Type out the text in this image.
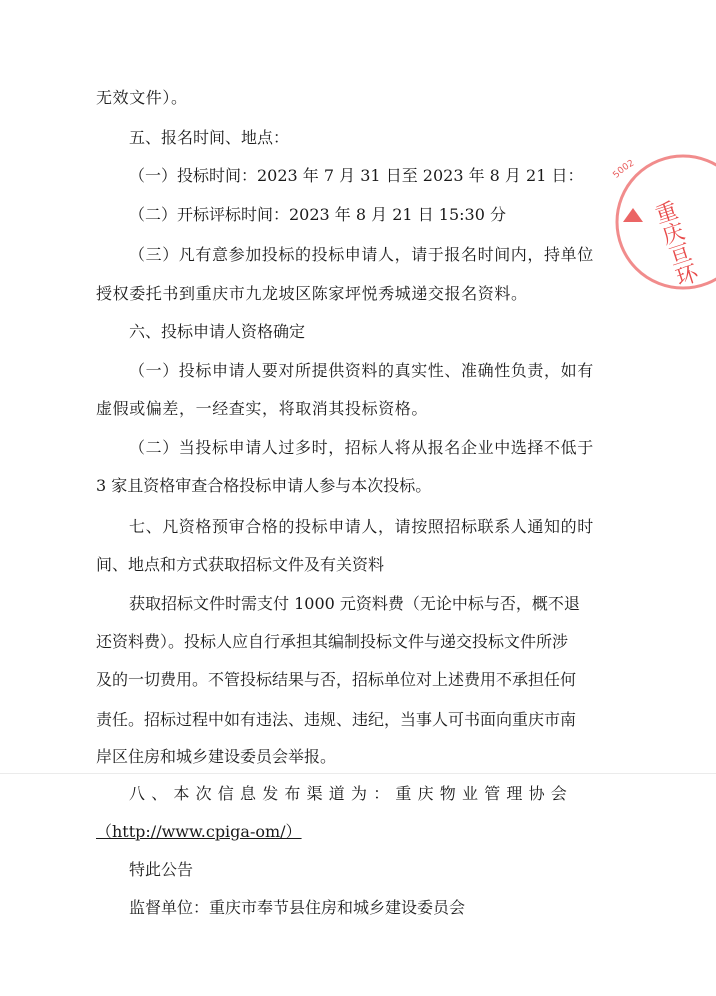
无效文件）。
五、报名时间、地点：
（一）投标时间：2023 年 7 月 31 日至 2023 年 8 月 21 日：
（二）开标评标时间：2023 年 8 月 21 日 15:30 分
（三）凡有意参加投标的投标申请人，请于报名时间内，持单位
授权委托书到重庆市九龙坡区陈家坪悦秀城递交报名资料。
六、投标申请人资格确定
（一）投标申请人要对所提供资料的真实性、准确性负责，如有
虚假或偏差，一经查实，将取消其投标资格。
（二）当投标申请人过多时，招标人将从报名企业中选择不低于
3 家且资格审查合格投标申请人参与本次投标。
七、凡资格预审合格的投标申请人，请按照招标联系人通知的时
间、地点和方式获取招标文件及有关资料
获取招标文件时需支付 1000 元资料费（无论中标与否，概不退
还资料费）。投标人应自行承担其编制投标文件与递交投标文件所涉
及的一切费用。不管投标结果与否，招标单位对上述费用不承担任何
责任。招标过程中如有违法、违规、违纪，当事人可书面向重庆市南
岸区住房和城乡建设委员会举报。
八、本次信息发布渠道为：重庆物业管理协会
（http://www.cpiga-om/）
特此公告
监督单位：重庆市奉节县住房和城乡建设委员会
5002
重庆亘环
